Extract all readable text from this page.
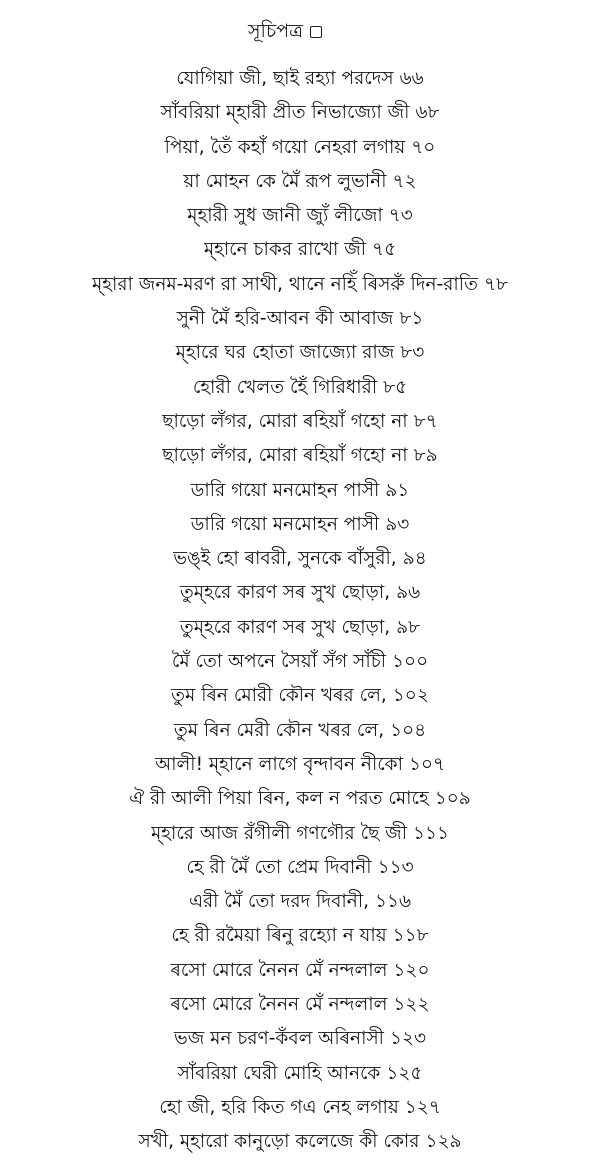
সূচিপত্র
যোগিয়া জী, ছাই রহ্যা পরদেস ৬৬
সাঁবরিয়া ম্হারী প্রীত নিভাজ্যো জী ৬৮
পিয়া, তৈঁ কহাঁ গয়ো নেহরা লগায় ৭০
য়া মোহন কে মৈঁ রূপ লুভানী ৭২
ম্হারী সুধ জানী জ্যুঁ লীজো ৭৩
ম্হানে চাকর রাখো জী ৭৫
ম্হারা জনম-মরণ রা সাথী, থানে নহিঁ ৰিসরুঁ দিন-রাতি ৭৮
সুনী মৈঁ হরি-আবন কী আবাজ ৮১
ম্হারে ঘর হোতা জাজ্যো রাজ ৮৩
হোরী খেলত হৈঁ গিরিধারী ৮৫
ছাড়ো লঁগর, মোরা ৰহিয়াঁ গহো না ৮৭
ছাড়ো লঁগর, মোরা ৰহিয়াঁ গহো না ৮৯
ডারি গয়ো মনমোহন পাসী ৯১
ডারি গয়ো মনমোহন পাসী ৯৩
ভঙ্ই হো ৰাবরী, সুনকে বাঁসুরী, ৯৪
তুম্হরে কারণ সৰ সুখ ছোড়া, ৯৬
তুম্হরে কারণ সৰ সুখ ছোড়া, ৯৮
মৈঁ তো অপনে সৈয়াঁ সঁগ সাঁচী ১০০
তুম ৰিন মোরী কৌন খৰর লে, ১০২
তুম ৰিন মেরী কৌন খৰর লে, ১০৪
আলী! ম্হানে লাগে বৃন্দাবন নীকো ১০৭
ঐ রী আলী পিয়া ৰিন, কল ন পরত মোহে ১০৯
ম্হারে আজ রঁগীলী গণগৌর ছৈ জী ১১১
হে রী মৈঁ তো প্রেম দিবানী ১১৩
এরী মৈঁ তো দরদ দিবানী, ১১৬
হে রী রমৈয়া ৰিনু রহ্যো ন যায় ১১৮
ৰসো মোরে নৈনন মেঁ নন্দলাল ১২০
ৰসো মোরে নৈনন মেঁ নন্দলাল ১২২
ভজ মন চরণ-কঁবল অৰিনাসী ১২৩
সাঁবরিয়া ঘেরী মোহি আনকে ১২৫
হো জী, হরি কিত গএ নেহ লগায় ১২৭
সখী, ম্হারো কানুড়ো কলেজে কী কোর ১২৯
